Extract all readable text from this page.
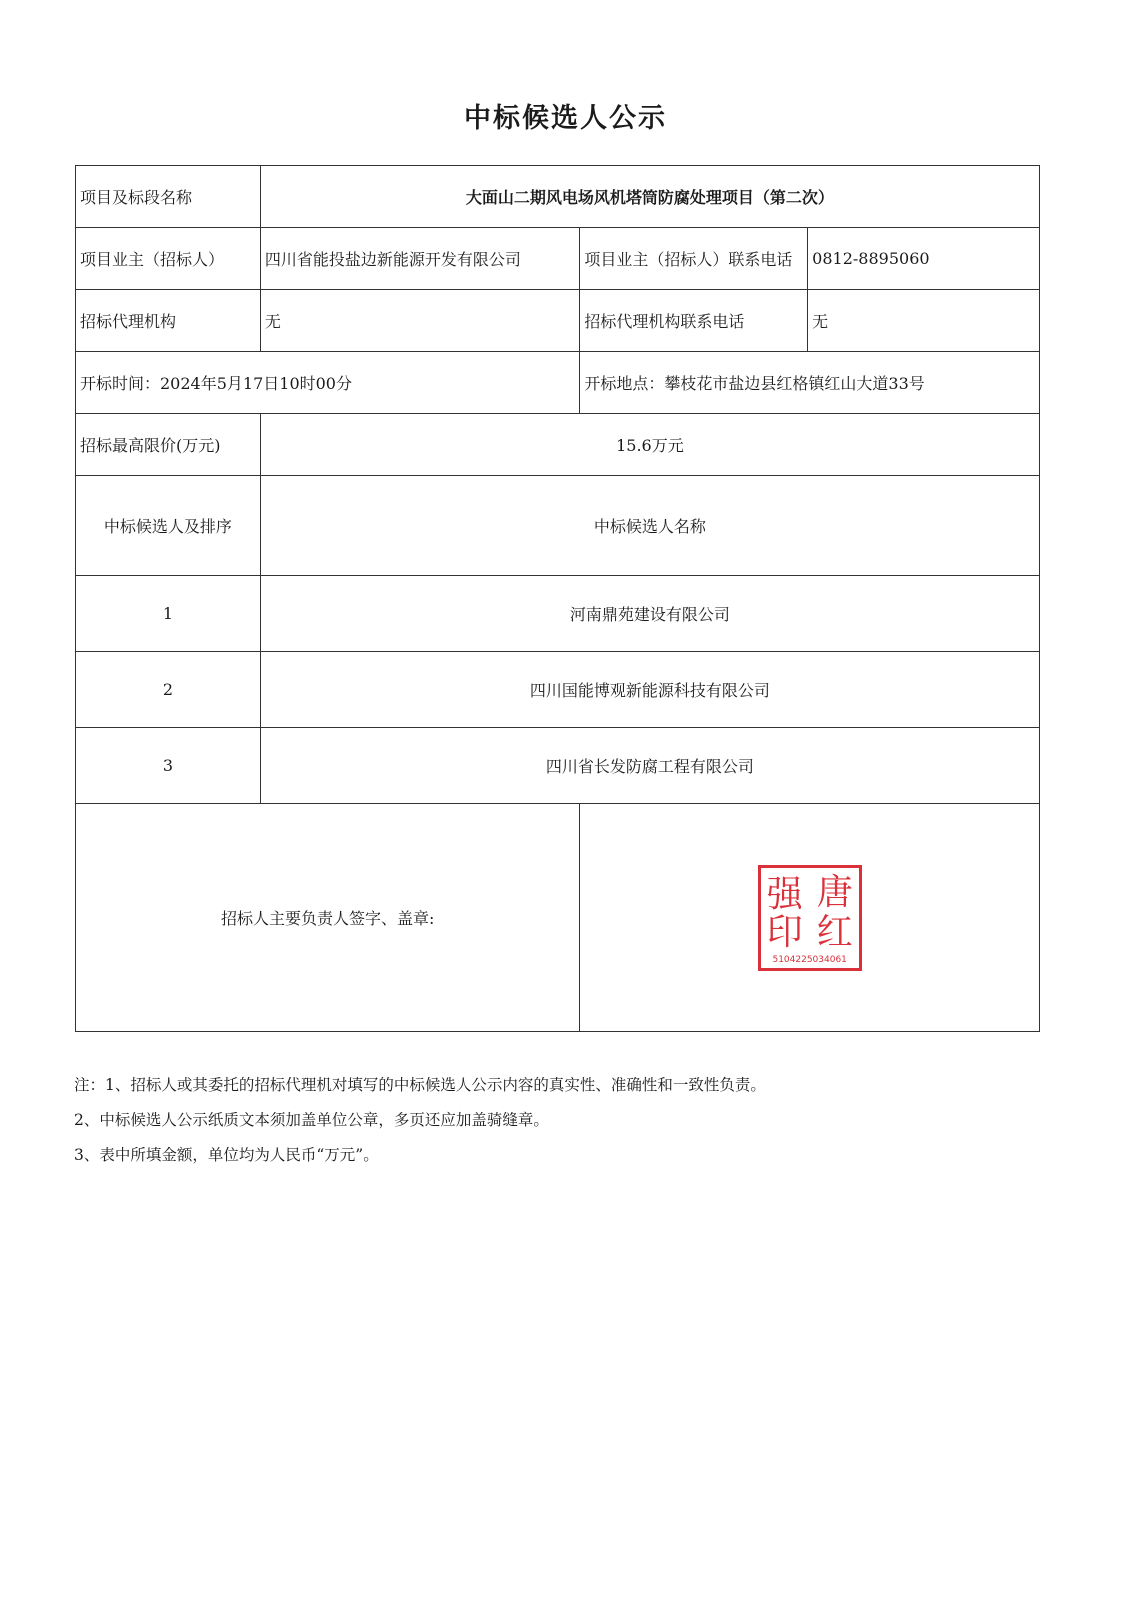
中标候选人公示
项目及标段名称	大面山二期风电场风机塔筒防腐处理项目（第二次）		
项目业主（招标人）	四川省能投盐边新能源开发有限公司	项目业主（招标人）联系电话	0812-8895060
招标代理机构	无	招标代理机构联系电话	无
开标时间：2024年5月17日10时00分		开标地点：攀枝花市盐边县红格镇红山大道33号	
招标最高限价(万元)	15.6万元		
中标候选人及排序	中标候选人名称		
1	河南鼎苑建设有限公司		
2	四川国能博观新能源科技有限公司		
3	四川省长发防腐工程有限公司		
招标人主要负责人签字、盖章:		唐
红
强
印
5104225034061	
注：1、招标人或其委托的招标代理机对填写的中标候选人公示内容的真实性、准确性和一致性负责。
2、中标候选人公示纸质文本须加盖单位公章，多页还应加盖骑缝章。
3、表中所填金额，单位均为人民币“万元”。
